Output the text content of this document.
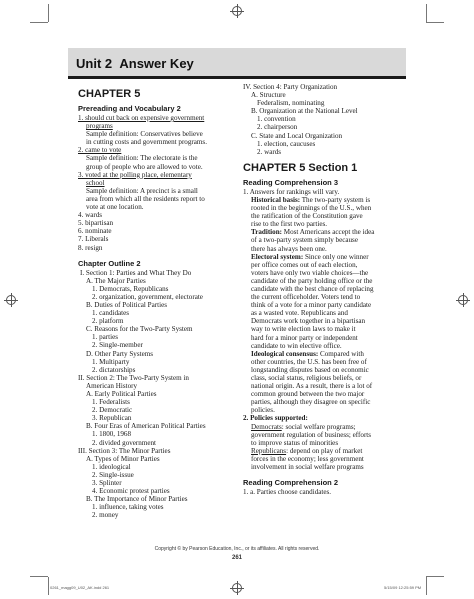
Unit 2 Answer Key
CHAPTER 5
Prereading and Vocabulary 2
1. should cut back on expensive government
programs
Sample definition: Conservatives believe
in cutting costs and government programs.
2. came to vote
Sample definition: The electorate is the
group of people who are allowed to vote.
3. voted at the polling place, elementary
school
Sample definition: A precinct is a small
area from which all the residents report to
vote at one location.
4. wards
5. bipartisan
6. nominate
7. Liberals
8. resign
Chapter Outline 2
I. Section 1: Parties and What They Do
A. The Major Parties
1. Democrats, Republicans
2. organization, government, electorate
B. Duties of Political Parties
1. candidates
2. platform
C. Reasons for the Two-Party System
1. parties
2. Single-member
D. Other Party Systems
1. Multiparty
2. dictatorships
II. Section 2: The Two-Party System in
American History
A. Early Political Parties
1. Federalists
2. Democratic
3. Republican
B. Four Eras of American Political Parties
1. 1800, 1968
2. divided government
III. Section 3: The Minor Parties
A. Types of Minor Parties
1. ideological
2. Single-issue
3. Splinter
4. Economic protest parties
B. The Importance of Minor Parties
1. influence, taking votes
2. money
IV. Section 4: Party Organization
A. Structure
Federalism, nominating
B. Organization at the National Level
1. convention
2. chairperson
C. State and Local Organization
1. election, caucuses
2. wards
CHAPTER 5 Section 1
Reading Comprehension 3
1. Answers for rankings will vary.
Historical basis: The two-party system is
rooted in the beginnings of the U.S., when
the ratification of the Constitution gave
rise to the first two parties.
Tradition: Most Americans accept the idea
of a two-party system simply because
there has always been one.
Electoral system: Since only one winner
per office comes out of each election,
voters have only two viable choices—the
candidate of the party holding office or the
candidate with the best chance of replacing
the current officeholder. Voters tend to
think of a vote for a minor party candidate
as a wasted vote. Republicans and
Democrats work together in a bipartisan
way to write election laws to make it
hard for a minor party or independent
candidate to win elective office.
Ideological consensus: Compared with
other countries, the U.S. has been free of
longstanding disputes based on economic
class, social status, religious beliefs, or
national origin. As a result, there is a lot of
common ground between the two major
parties, although they disagree on specific
policies.
2. Policies supported:
Democrats: social welfare programs;
government regulation of business; efforts
to improve status of minorities
Republicans: depend on play of market
forces in the economy; less government
involvement in social welfare programs
Reading Comprehension 2
1. a. Parties choose candidates.
Copyright © by Pearson Education, Inc., or its affiliates. All rights reserved.
261
0261_magg09_U02_AK.indd 261	5/15/09 12:25:59 PM
